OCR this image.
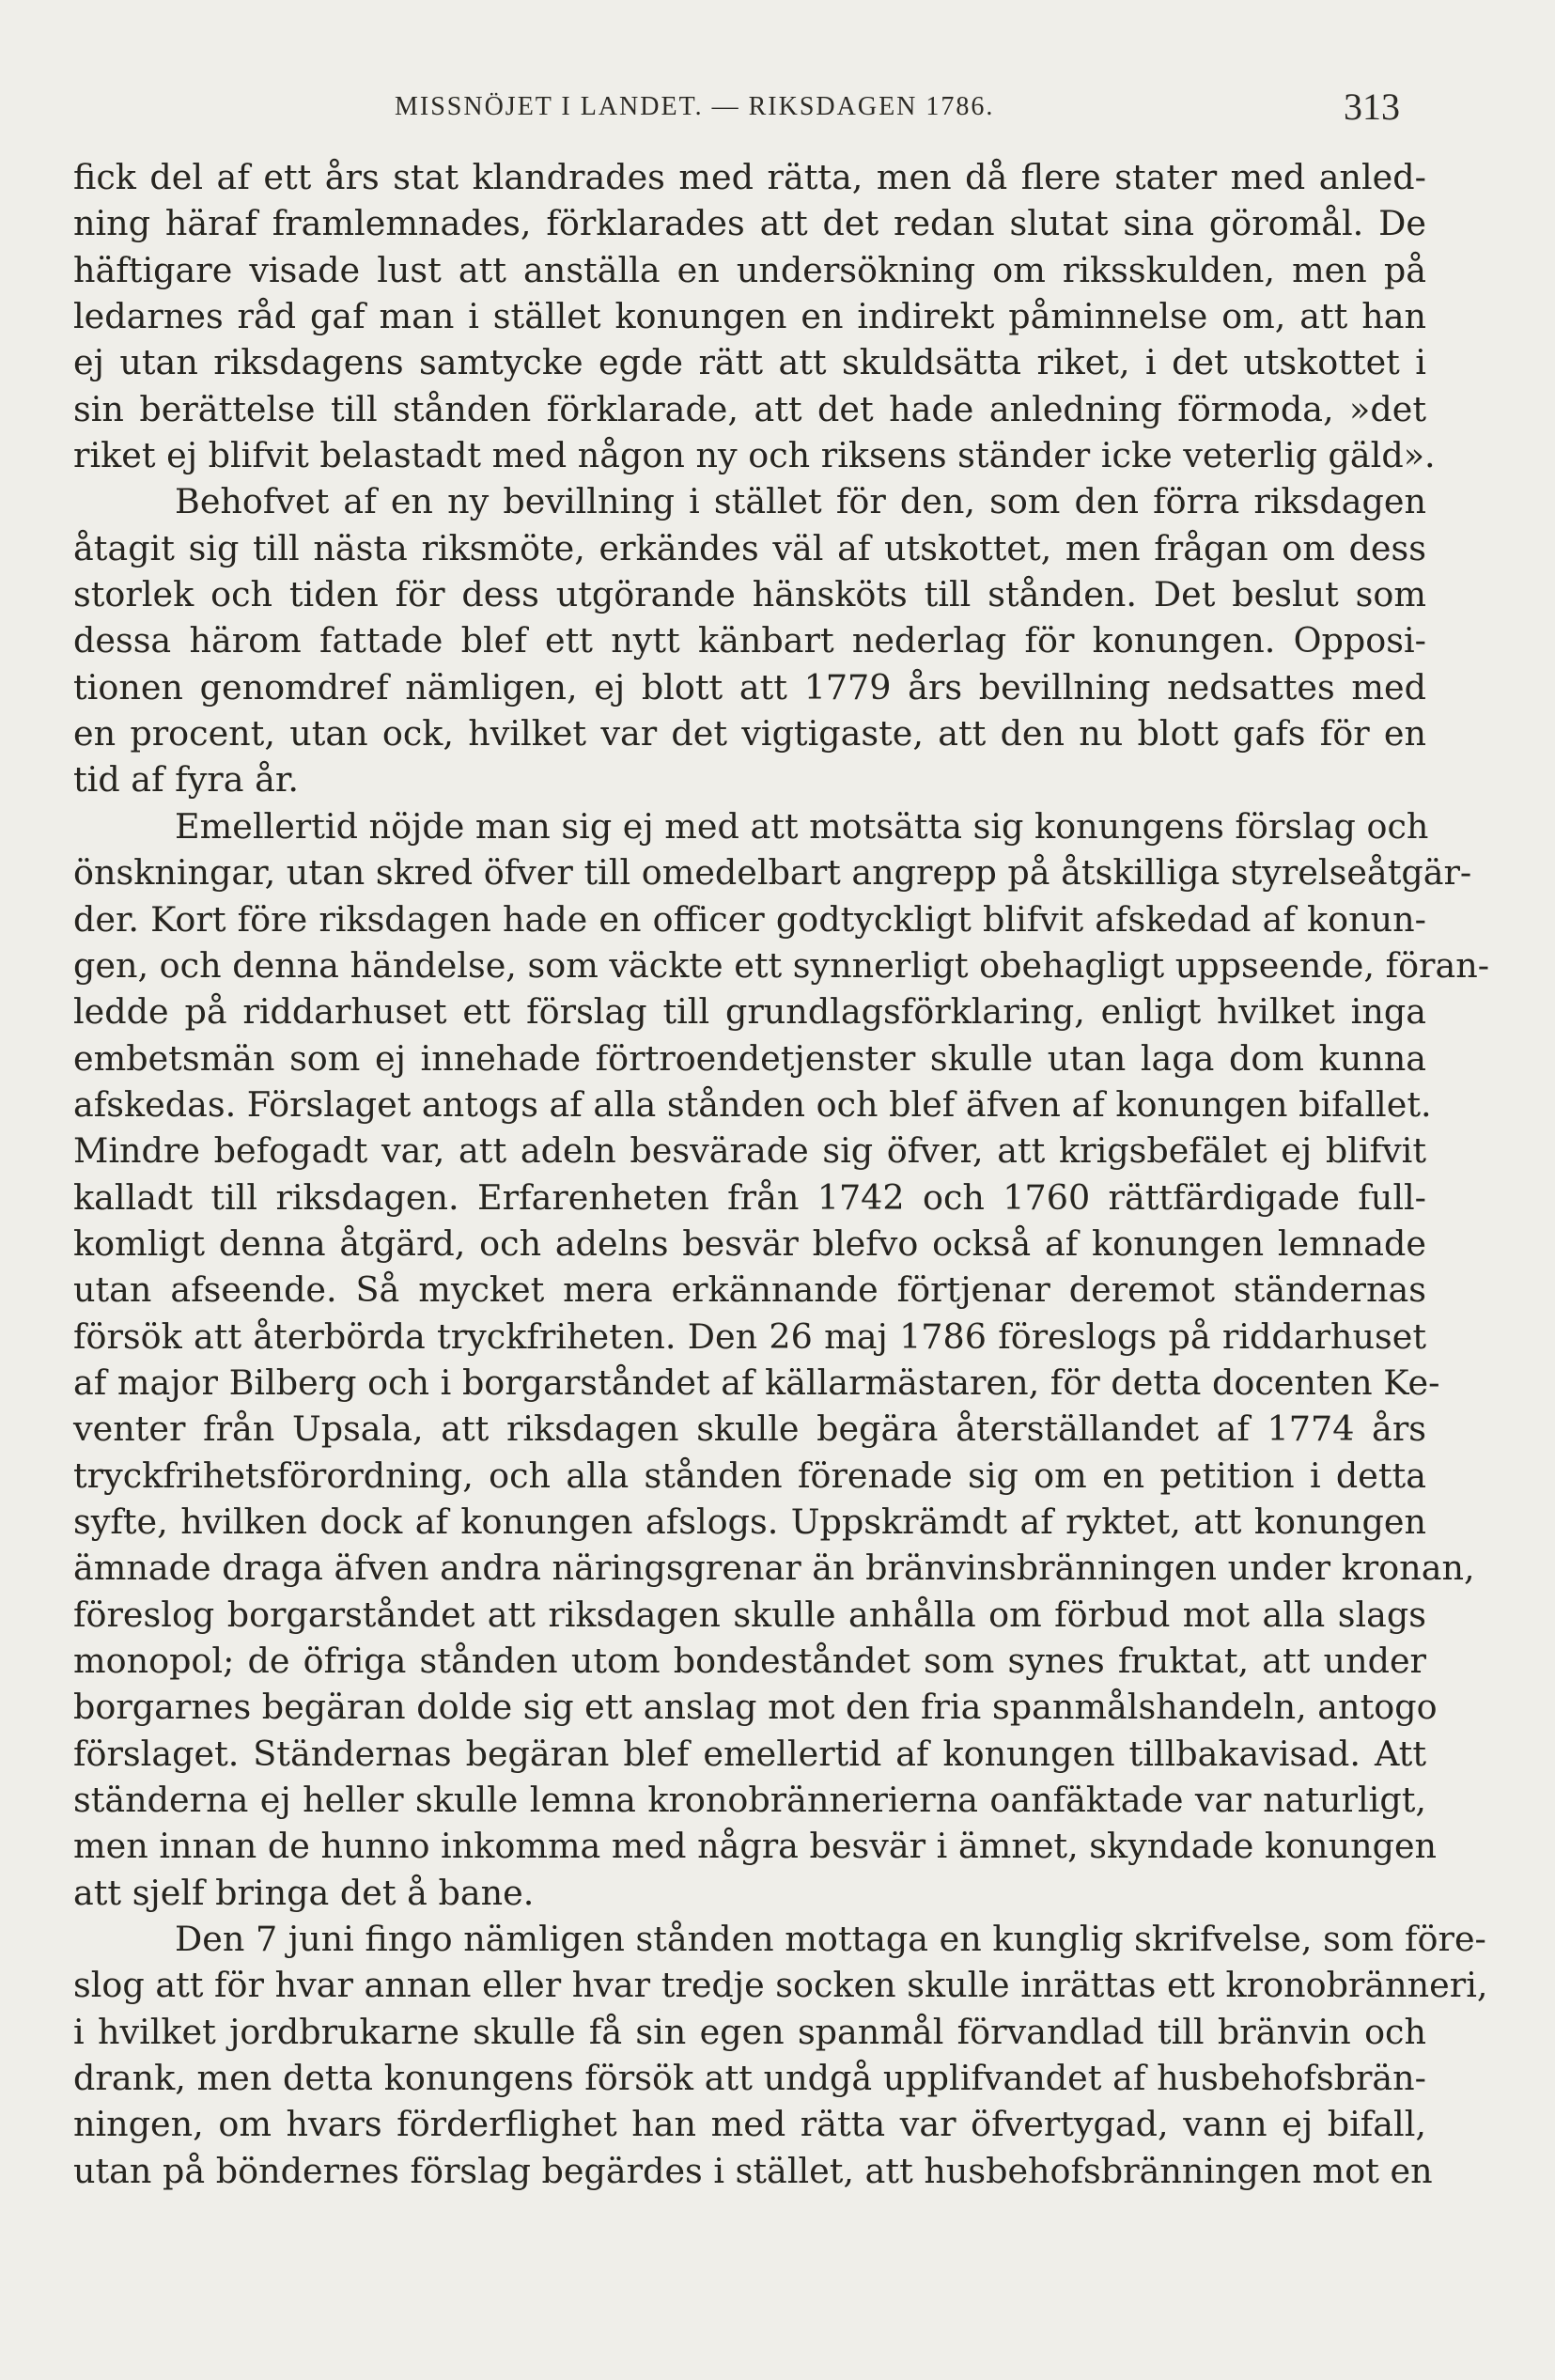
MISSNÖJET I LANDET. — RIKSDAGEN 1786.	313
fick del af ett års stat klandrades med rätta, men då flere stater med anled-
ning häraf framlemnades, förklarades att det redan slutat sina göromål. De
häftigare visade lust att anställa en undersökning om riksskulden, men på
ledarnes råd gaf man i stället konungen en indirekt påminnelse om, att han
ej utan riksdagens samtycke egde rätt att skuldsätta riket, i det utskottet i
sin berättelse till stånden förklarade, att det hade anledning förmoda, »det
riket ej blifvit belastadt med någon ny och riksens ständer icke veterlig gäld».
Behofvet af en ny bevillning i stället för den, som den förra riksdagen
åtagit sig till nästa riksmöte, erkändes väl af utskottet, men frågan om dess
storlek och tiden för dess utgörande hänsköts till stånden. Det beslut som
dessa härom fattade blef ett nytt känbart nederlag för konungen. Opposi-
tionen genomdref nämligen, ej blott att 1779 års bevillning nedsattes med
en procent, utan ock, hvilket var det vigtigaste, att den nu blott gafs för en
tid af fyra år.
Emellertid nöjde man sig ej med att motsätta sig konungens förslag och
önskningar, utan skred öfver till omedelbart angrepp på åtskilliga styrelseåtgär-
der. Kort före riksdagen hade en officer godtyckligt blifvit afskedad af konun-
gen, och denna händelse, som väckte ett synnerligt obehagligt uppseende, föran-
ledde på riddarhuset ett förslag till grundlagsförklaring, enligt hvilket inga
embetsmän som ej innehade förtroendetjenster skulle utan laga dom kunna
afskedas. Förslaget antogs af alla stånden och blef äfven af konungen bifallet.
Mindre befogadt var, att adeln besvärade sig öfver, att krigsbefälet ej blifvit
kalladt till riksdagen. Erfarenheten från 1742 och 1760 rättfärdigade full-
komligt denna åtgärd, och adelns besvär blefvo också af konungen lemnade
utan afseende. Så mycket mera erkännande förtjenar deremot ständernas
försök att återbörda tryckfriheten. Den 26 maj 1786 föreslogs på riddarhuset
af major Bilberg och i borgarståndet af källarmästaren, för detta docenten Ke-
venter från Upsala, att riksdagen skulle begära återställandet af 1774 års
tryckfrihetsförordning, och alla stånden förenade sig om en petition i detta
syfte, hvilken dock af konungen afslogs. Uppskrämdt af ryktet, att konungen
ämnade draga äfven andra näringsgrenar än bränvinsbränningen under kronan,
föreslog borgarståndet att riksdagen skulle anhålla om förbud mot alla slags
monopol; de öfriga stånden utom bondeståndet som synes fruktat, att under
borgarnes begäran dolde sig ett anslag mot den fria spanmålshandeln, antogo
förslaget. Ständernas begäran blef emellertid af konungen tillbakavisad. Att
ständerna ej heller skulle lemna kronobrännerierna oanfäktade var naturligt,
men innan de hunno inkomma med några besvär i ämnet, skyndade konungen
att sjelf bringa det å bane.
Den 7 juni fingo nämligen stånden mottaga en kunglig skrifvelse, som före-
slog att för hvar annan eller hvar tredje socken skulle inrättas ett kronobränneri,
i hvilket jordbrukarne skulle få sin egen spanmål förvandlad till bränvin och
drank, men detta konungens försök att undgå upplifvandet af husbehofsbrän-
ningen, om hvars förderflighet han med rätta var öfvertygad, vann ej bifall,
utan på böndernes förslag begärdes i stället, att husbehofsbränningen mot en
